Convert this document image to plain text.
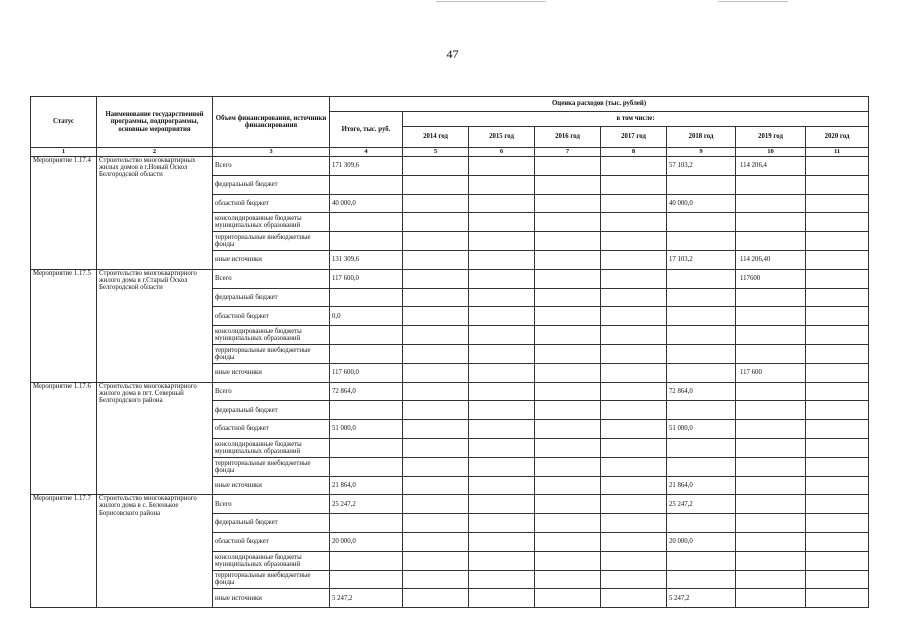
47
Статус	Наименование государственной программы, подпрограммы, основные мероприятия	Объем финансирования, источники финансирования	Оценка расходов (тыс. рублей)							
			Итого, тыс. руб.	в том числе:						
				2014 год	2015 год	2016 год	2017 год	2018 год	2019 год	2020 год
1	2	3	4	5	6	7	8	9	10	11
Мероприятие 1.17.4	Строительство многоквартирных жилых домов в г.Новый Оскол Белгородской области	Всего	171 309,6					57 103,2	114 206,4	
		федеральный бюджет								
		областной бюджет	40 000,0					40 000,0		
		консолидированные бюджеты муниципальных образований								
		территориальные внебюджетные фонды								
		иные источники	131 309,6					17 103,2	114 206,40	
Мероприятие 1.17.5	Строительство многоквартирного жилого дома в г.Старый Оскол Белгородской области	Всего	117 600,0						117600	
		федеральный бюджет								
		областной бюджет	0,0							
		консолидированные бюджеты муниципальных образований								
		территориальные внебюджетные фонды								
		иные источники	117 600,0						117 600	
Мероприятие 1.17.6	Строительство многоквартирного жилого дома в пгт. Северный Белгородского района	Всего	72 864,0					72 864,0		
		федеральный бюджет								
		областной бюджет	51 000,0					51 000,0		
		консолидированные бюджеты муниципальных образований								
		территориальные внебюджетные фонды								
		иные источники	21 864,0					21 864,0		
Мероприятие 1.17.7	Строительство многоквартирного жилого дома в с. Беленькое Борисовского района	Всего	25 247,2					25 247,2		
		федеральный бюджет								
		областной бюджет	20 000,0					20 000,0		
		консолидированные бюджеты муниципальных образований								
		территориальные внебюджетные фонды								
		иные источники	5 247,2					5 247,2		
